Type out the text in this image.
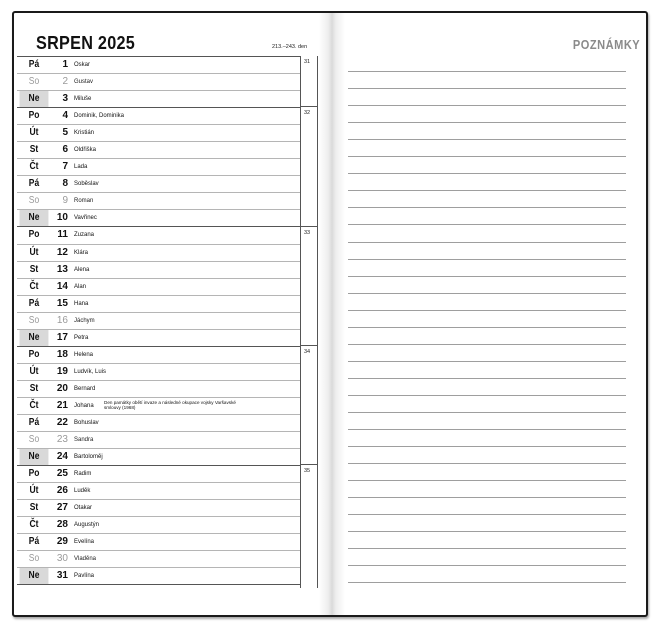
SRPEN 2025	213.–243. den
Pá	1 Oskar
So	2 Gustav
Ne	3 Miluše
Po	4 Dominik, Dominika
Út	5 Kristián
St	6 Oldřiška
Čt	7 Lada
Pá	8 Soběslav
So	9 Roman
Ne	10 Vavřinec
Po	11 Zuzana
Út	12 Klára
St	13 Alena
Čt	14 Alan
Pá	15 Hana
So	16 Jáchym
Ne	17 Petra
Po	18 Helena
Út	19 Ludvík, Luis
St	20 Bernard
Čt	21 Johana
Den památky obětí invaze a následné okupace vojsky Varšavské smlouvy (1968)
Pá	22 Bohuslav
So	23 Sandra
Ne	24 Bartoloměj
Po	25 Radim
Út	26 Luděk
St	27 Otakar
Čt	28 Augustýn
Pá	29 Evelína
So	30 Vladěna
Ne	31 Pavlína
31
32
33
34
35
POZNÁMKY
